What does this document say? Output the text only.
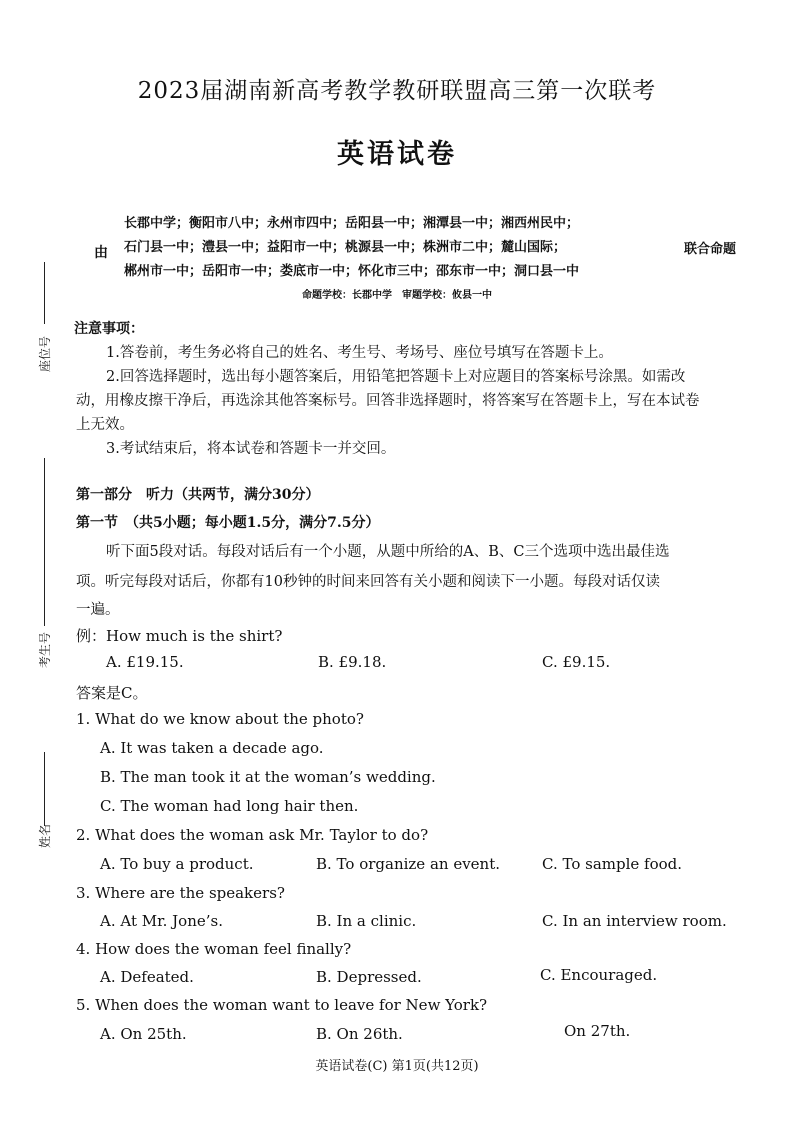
2023届湖南新高考教学教研联盟高三第一次联考
英语试卷
长郡中学；衡阳市八中；永州市四中；岳阳县一中；湘潭县一中；湘西州民中；
由 石门县一中；澧县一中；益阳市一中；桃源县一中；株洲市二中；麓山国际；	联合命题
郴州市一中；岳阳市一中；娄底市一中；怀化市三中；邵东市一中；洞口县一中
命题学校：长郡中学　审题学校：攸县一中
座位号
考生号
姓名
注意事项：
1.答卷前，考生务必将自己的姓名、考生号、考场号、座位号填写在答题卡上。
2.回答选择题时，选出每小题答案后，用铅笔把答题卡上对应题目的答案标号涂黑。如需改
动，用橡皮擦干净后，再选涂其他答案标号。回答非选择题时，将答案写在答题卡上，写在本试卷
上无效。
3.考试结束后，将本试卷和答题卡一并交回。
第一部分　听力（共两节，满分30分）
第一节　（共5小题；每小题1.5分，满分7.5分）
听下面5段对话。每段对话后有一个小题，从题中所给的A、B、C三个选项中选出最佳选
项。听完每段对话后，你都有10秒钟的时间来回答有关小题和阅读下一小题。每段对话仅读
一遍。
例：How much is the shirt?
A. £19.15.	B. £9.18.	C. £9.15.
答案是C。
1. What do we know about the photo?
A. It was taken a decade ago.
B. The man took it at the woman’s wedding.
C. The woman had long hair then.
2. What does the woman ask Mr. Taylor to do?
A. To buy a product.	B. To organize an event.	C. To sample food.
3. Where are the speakers?
A. At Mr. Jone’s.	B. In a clinic.	C. In an interview room.
4. How does the woman feel finally?
A. Defeated.	B. Depressed.	C. Encouraged.
5. When does the woman want to leave for New York?
A. On 25th.	B. On 26th.	On 27th.
英语试卷(C) 第1页(共12页)
